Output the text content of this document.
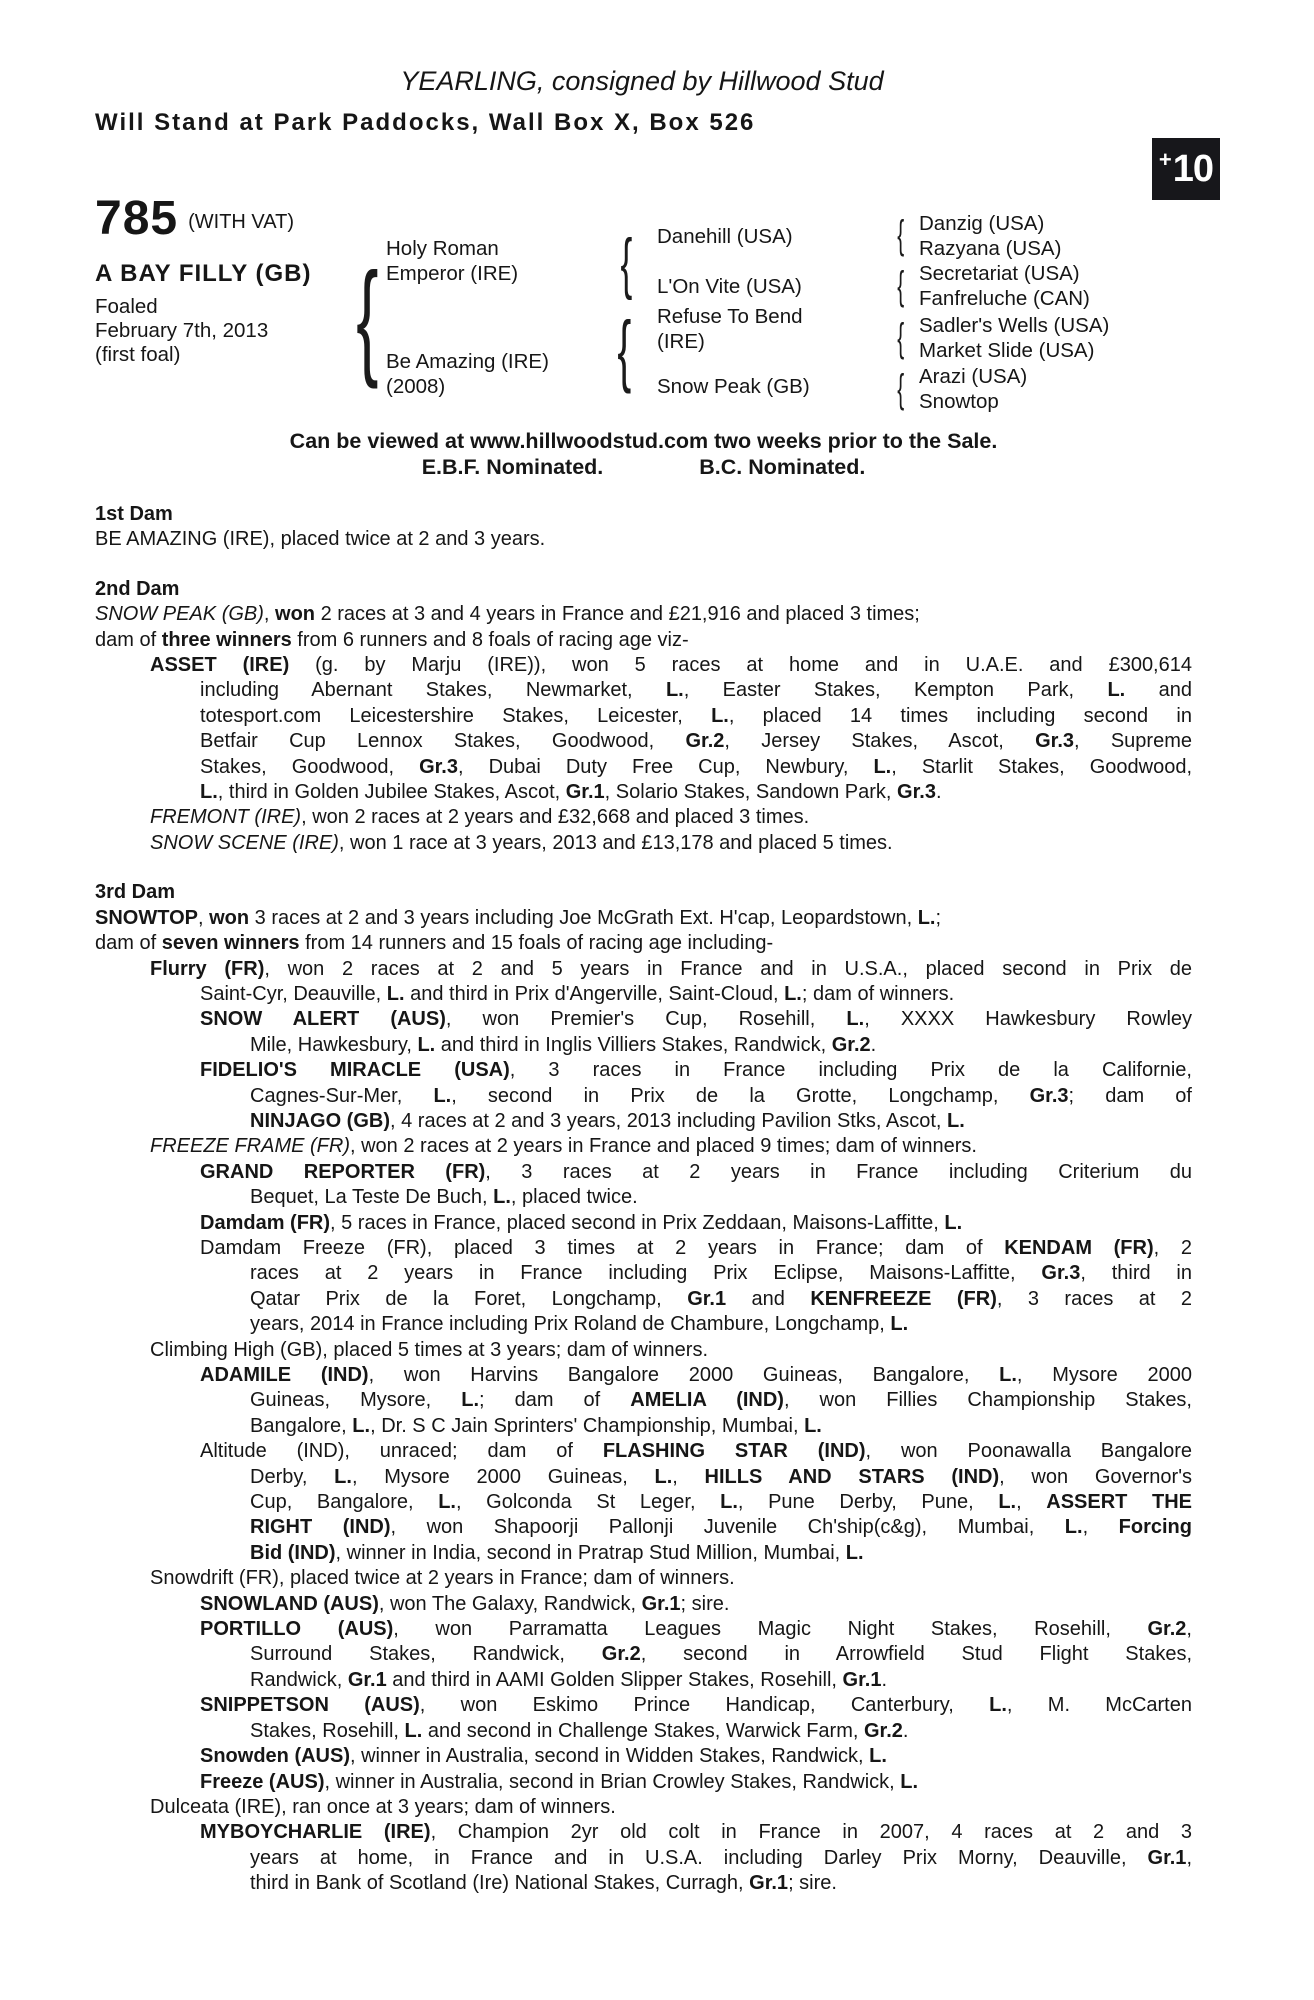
YEARLING, consigned by Hillwood Stud
Will Stand at Park Paddocks, Wall Box X, Box 526
+ 10
785 (WITH VAT)
A BAY FILLY (GB)
Foaled
February 7th, 2013
(first foal) { Holy Roman
Emperor (IRE)
Be Amazing (IRE)
(2008)
{
{
Danehill (USA)
L'On Vite (USA)
Refuse To Bend
(IRE)
Snow Peak (GB)
{
{
{
{
Danzig (USA)
Razyana (USA)
Secretariat (USA)
Fanfreluche (CAN)
Sadler's Wells (USA)
Market Slide (USA)
Arazi (USA)
Snowtop
Can be viewed at www.hillwoodstud.com two weeks prior to the Sale.
E.B.F. Nominated.	B.C. Nominated.
1st Dam
BE AMAZING (IRE), placed twice at 2 and 3 years.
2nd Dam
SNOW PEAK (GB), won 2 races at 3 and 4 years in France and £21,916 and placed 3 times;
dam of three winners from 6 runners and 8 foals of racing age viz-
ASSET (IRE) (g. by Marju (IRE)), won 5 races at home and in U.A.E. and £300,614
including Abernant Stakes, Newmarket, L., Easter Stakes, Kempton Park, L. and
totesport.com Leicestershire Stakes, Leicester, L., placed 14 times including second in
Betfair Cup Lennox Stakes, Goodwood, Gr.2, Jersey Stakes, Ascot, Gr.3, Supreme
Stakes, Goodwood, Gr.3, Dubai Duty Free Cup, Newbury, L., Starlit Stakes, Goodwood,
L., third in Golden Jubilee Stakes, Ascot, Gr.1, Solario Stakes, Sandown Park, Gr.3.
FREMONT (IRE), won 2 races at 2 years and £32,668 and placed 3 times.
SNOW SCENE (IRE), won 1 race at 3 years, 2013 and £13,178 and placed 5 times.
3rd Dam
SNOWTOP, won 3 races at 2 and 3 years including Joe McGrath Ext. H'cap, Leopardstown, L.;
dam of seven winners from 14 runners and 15 foals of racing age including-
Flurry (FR), won 2 races at 2 and 5 years in France and in U.S.A., placed second in Prix de
Saint-Cyr, Deauville, L. and third in Prix d'Angerville, Saint-Cloud, L.; dam of winners.
SNOW ALERT (AUS), won Premier's Cup, Rosehill, L., XXXX Hawkesbury Rowley
Mile, Hawkesbury, L. and third in Inglis Villiers Stakes, Randwick, Gr.2.
FIDELIO'S MIRACLE (USA), 3 races in France including Prix de la Californie,
Cagnes-Sur-Mer, L., second in Prix de la Grotte, Longchamp, Gr.3; dam of
NINJAGO (GB), 4 races at 2 and 3 years, 2013 including Pavilion Stks, Ascot, L.
FREEZE FRAME (FR), won 2 races at 2 years in France and placed 9 times; dam of winners.
GRAND REPORTER (FR), 3 races at 2 years in France including Criterium du
Bequet, La Teste De Buch, L., placed twice.
Damdam (FR), 5 races in France, placed second in Prix Zeddaan, Maisons-Laffitte, L.
Damdam Freeze (FR), placed 3 times at 2 years in France; dam of KENDAM (FR), 2
races at 2 years in France including Prix Eclipse, Maisons-Laffitte, Gr.3, third in
Qatar Prix de la Foret, Longchamp, Gr.1 and KENFREEZE (FR), 3 races at 2
years, 2014 in France including Prix Roland de Chambure, Longchamp, L.
Climbing High (GB), placed 5 times at 3 years; dam of winners.
ADAMILE (IND), won Harvins Bangalore 2000 Guineas, Bangalore, L., Mysore 2000
Guineas, Mysore, L.; dam of AMELIA (IND), won Fillies Championship Stakes,
Bangalore, L., Dr. S C Jain Sprinters' Championship, Mumbai, L.
Altitude (IND), unraced; dam of FLASHING STAR (IND), won Poonawalla Bangalore
Derby, L., Mysore 2000 Guineas, L., HILLS AND STARS (IND), won Governor's
Cup, Bangalore, L., Golconda St Leger, L., Pune Derby, Pune, L., ASSERT THE
RIGHT (IND), won Shapoorji Pallonji Juvenile Ch'ship(c&g), Mumbai, L., Forcing
Bid (IND), winner in India, second in Pratrap Stud Million, Mumbai, L.
Snowdrift (FR), placed twice at 2 years in France; dam of winners.
SNOWLAND (AUS), won The Galaxy, Randwick, Gr.1; sire.
PORTILLO (AUS), won Parramatta Leagues Magic Night Stakes, Rosehill, Gr.2,
Surround Stakes, Randwick, Gr.2, second in Arrowfield Stud Flight Stakes,
Randwick, Gr.1 and third in AAMI Golden Slipper Stakes, Rosehill, Gr.1.
SNIPPETSON (AUS), won Eskimo Prince Handicap, Canterbury, L., M. McCarten
Stakes, Rosehill, L. and second in Challenge Stakes, Warwick Farm, Gr.2.
Snowden (AUS), winner in Australia, second in Widden Stakes, Randwick, L.
Freeze (AUS), winner in Australia, second in Brian Crowley Stakes, Randwick, L.
Dulceata (IRE), ran once at 3 years; dam of winners.
MYBOYCHARLIE (IRE), Champion 2yr old colt in France in 2007, 4 races at 2 and 3
years at home, in France and in U.S.A. including Darley Prix Morny, Deauville, Gr.1,
third in Bank of Scotland (Ire) National Stakes, Curragh, Gr.1; sire.
